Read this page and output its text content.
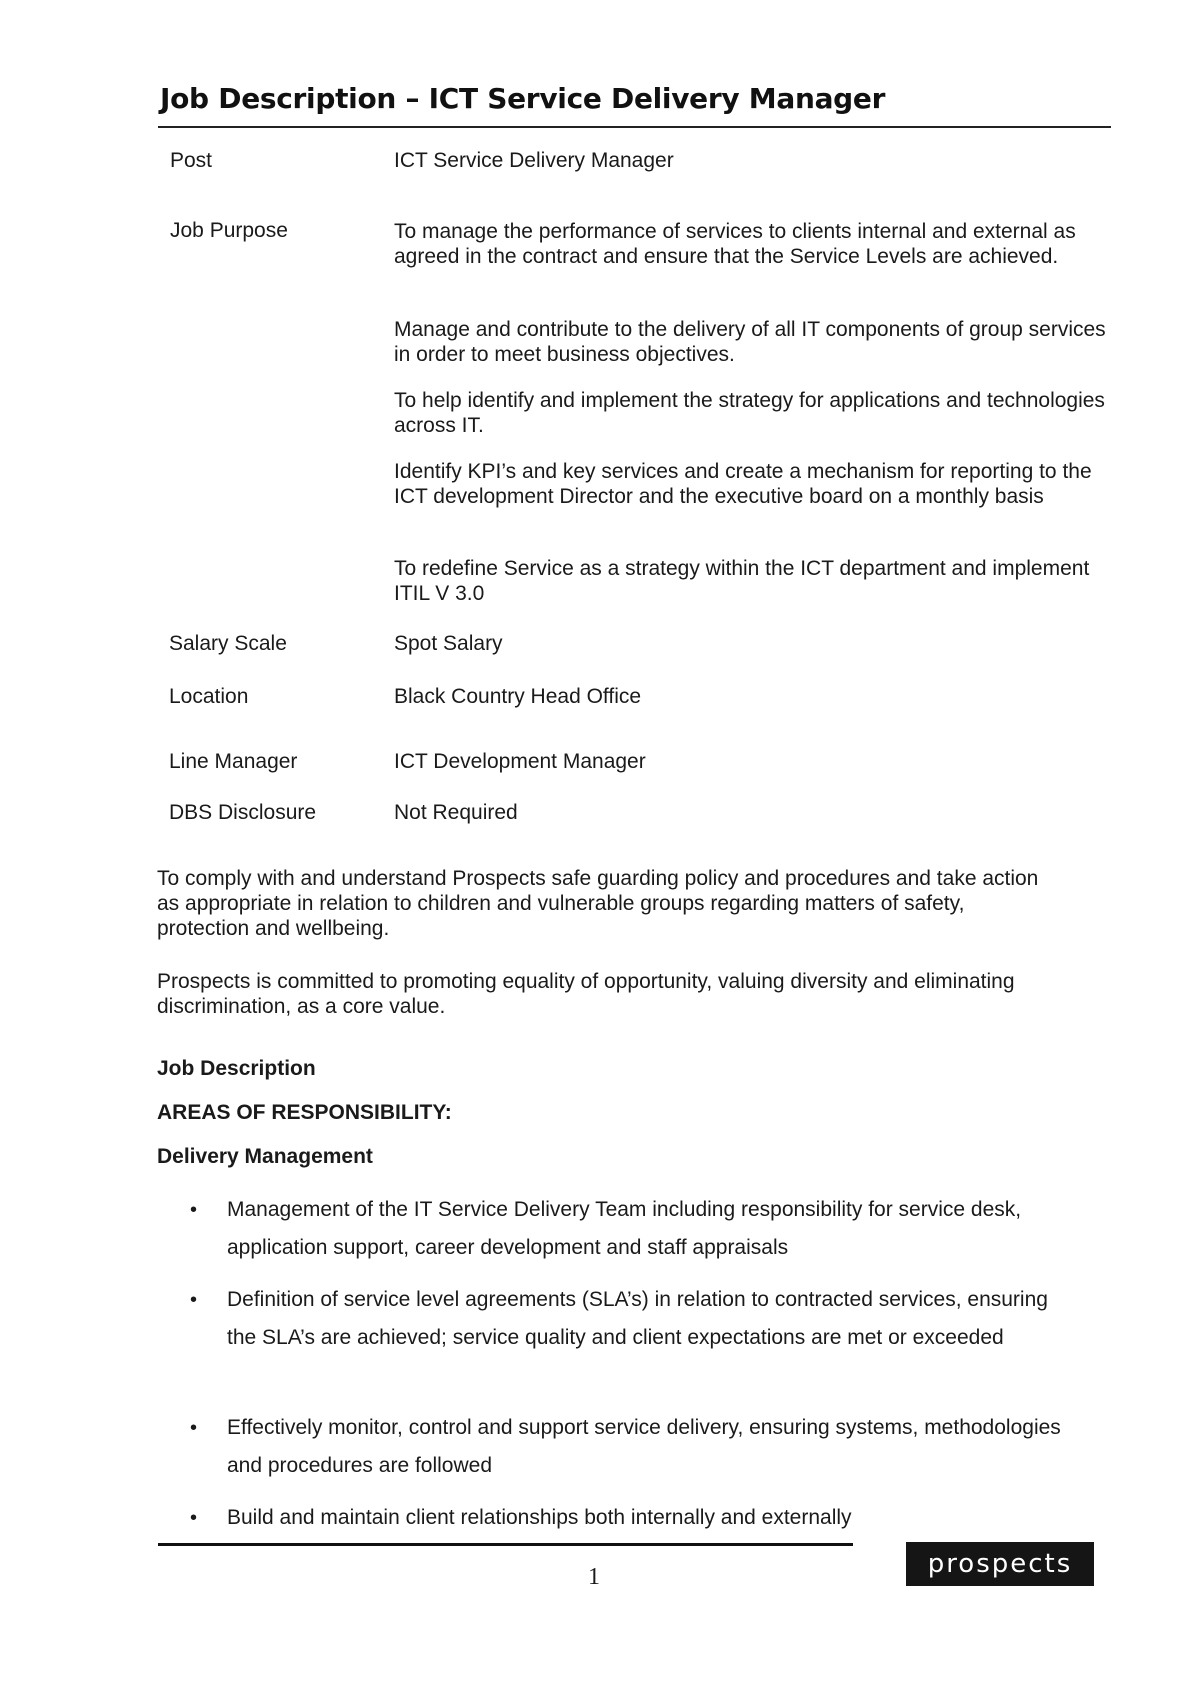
Job Description – ICT Service Delivery Manager
Post	ICT Service Delivery Manager
Job Purpose	To manage the performance of services to clients internal and external as agreed in the contract and ensure that the Service Levels are achieved.
Manage and contribute to the delivery of all IT components of group services in order to meet business objectives.
To help identify and implement the strategy for applications and technologies across IT.
Identify KPI’s and key services and create a mechanism for reporting to the ICT development Director and the executive board on a monthly basis
To redefine Service as a strategy within the ICT department and implement ITIL V 3.0
Salary Scale	Spot Salary
Location	Black Country Head Office
Line Manager	ICT Development Manager
DBS Disclosure	Not Required
To comply with and understand Prospects safe guarding policy and procedures and take action as appropriate in relation to children and vulnerable groups regarding matters of safety, protection and wellbeing.
Prospects is committed to promoting equality of opportunity, valuing diversity and eliminating discrimination, as a core value.
Job Description
AREAS OF RESPONSIBILITY:
Delivery Management
• Management of the IT Service Delivery Team including responsibility for service desk, application support, career development and staff appraisals
• Definition of service level agreements (SLA’s) in relation to contracted services, ensuring the SLA’s are achieved; service quality and client expectations are met or exceeded
• Effectively monitor, control and support service delivery, ensuring systems, methodologies and procedures are followed
• Build and maintain client relationships both internally and externally
1	prospects
